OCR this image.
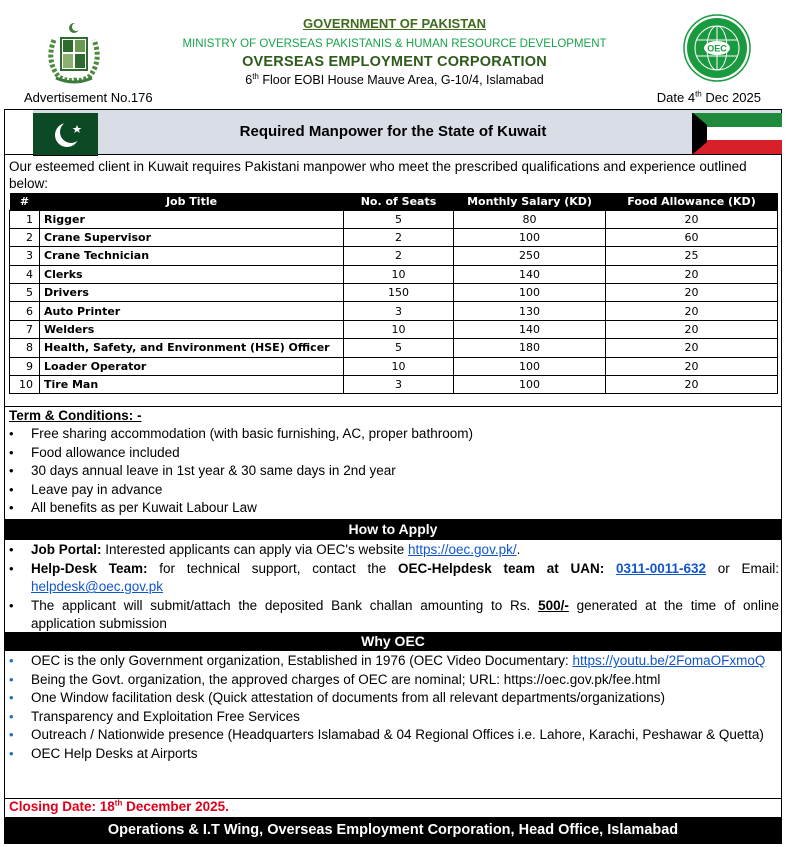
GOVERNMENT OF PAKISTAN
MINISTRY OF OVERSEAS PAKISTANIS & HUMAN RESOURCE DEVELOPMENT
OVERSEAS EMPLOYMENT CORPORATION
6th Floor EOBI House Mauve Area, G-10/4, Islamabad
OEC
Advertisement No.176	Date 4th Dec 2025
Required Manpower for the State of Kuwait
Our esteemed client in Kuwait requires Pakistani manpower who meet the prescribed qualifications and experience outlined below:
#	Job Title	No. of Seats	Monthly Salary (KD)	Food Allowance (KD)
1	Rigger	5	80	20
2	Crane Supervisor	2	100	60
3	Crane Technician	2	250	25
4	Clerks	10	140	20
5	Drivers	150	100	20
6	Auto Printer	3	130	20
7	Welders	10	140	20
8	Health, Safety, and Environment (HSE) Officer	5	180	20
9	Loader Operator	10	100	20
10	Tire Man	3	100	20
Term & Conditions: -
• Free sharing accommodation (with basic furnishing, AC, proper bathroom)
• Food allowance included
• 30 days annual leave in 1st year & 30 same days in 2nd year
• Leave pay in advance
• All benefits as per Kuwait Labour Law
How to Apply
• Job Portal: Interested applicants can apply via OEC's website https://oec.gov.pk/.
• Help-Desk Team: for technical support, contact the OEC-Helpdesk team at UAN: 0311-0011-632 or Email: helpdesk@oec.gov.pk
• The applicant will submit/attach the deposited Bank challan amounting to Rs. 500/- generated at the time of online application submission
Why OEC
• OEC is the only Government organization, Established in 1976 (OEC Video Documentary: https://youtu.be/2FomaOFxmoQ
• Being the Govt. organization, the approved charges of OEC are nominal; URL: https://oec.gov.pk/fee.html
• One Window facilitation desk (Quick attestation of documents from all relevant departments/organizations)
• Transparency and Exploitation Free Services
• Outreach / Nationwide presence (Headquarters Islamabad & 04 Regional Offices i.e. Lahore, Karachi, Peshawar & Quetta)
• OEC Help Desks at Airports
Closing Date: 18th December 2025.
Operations & I.T Wing, Overseas Employment Corporation, Head Office, Islamabad
